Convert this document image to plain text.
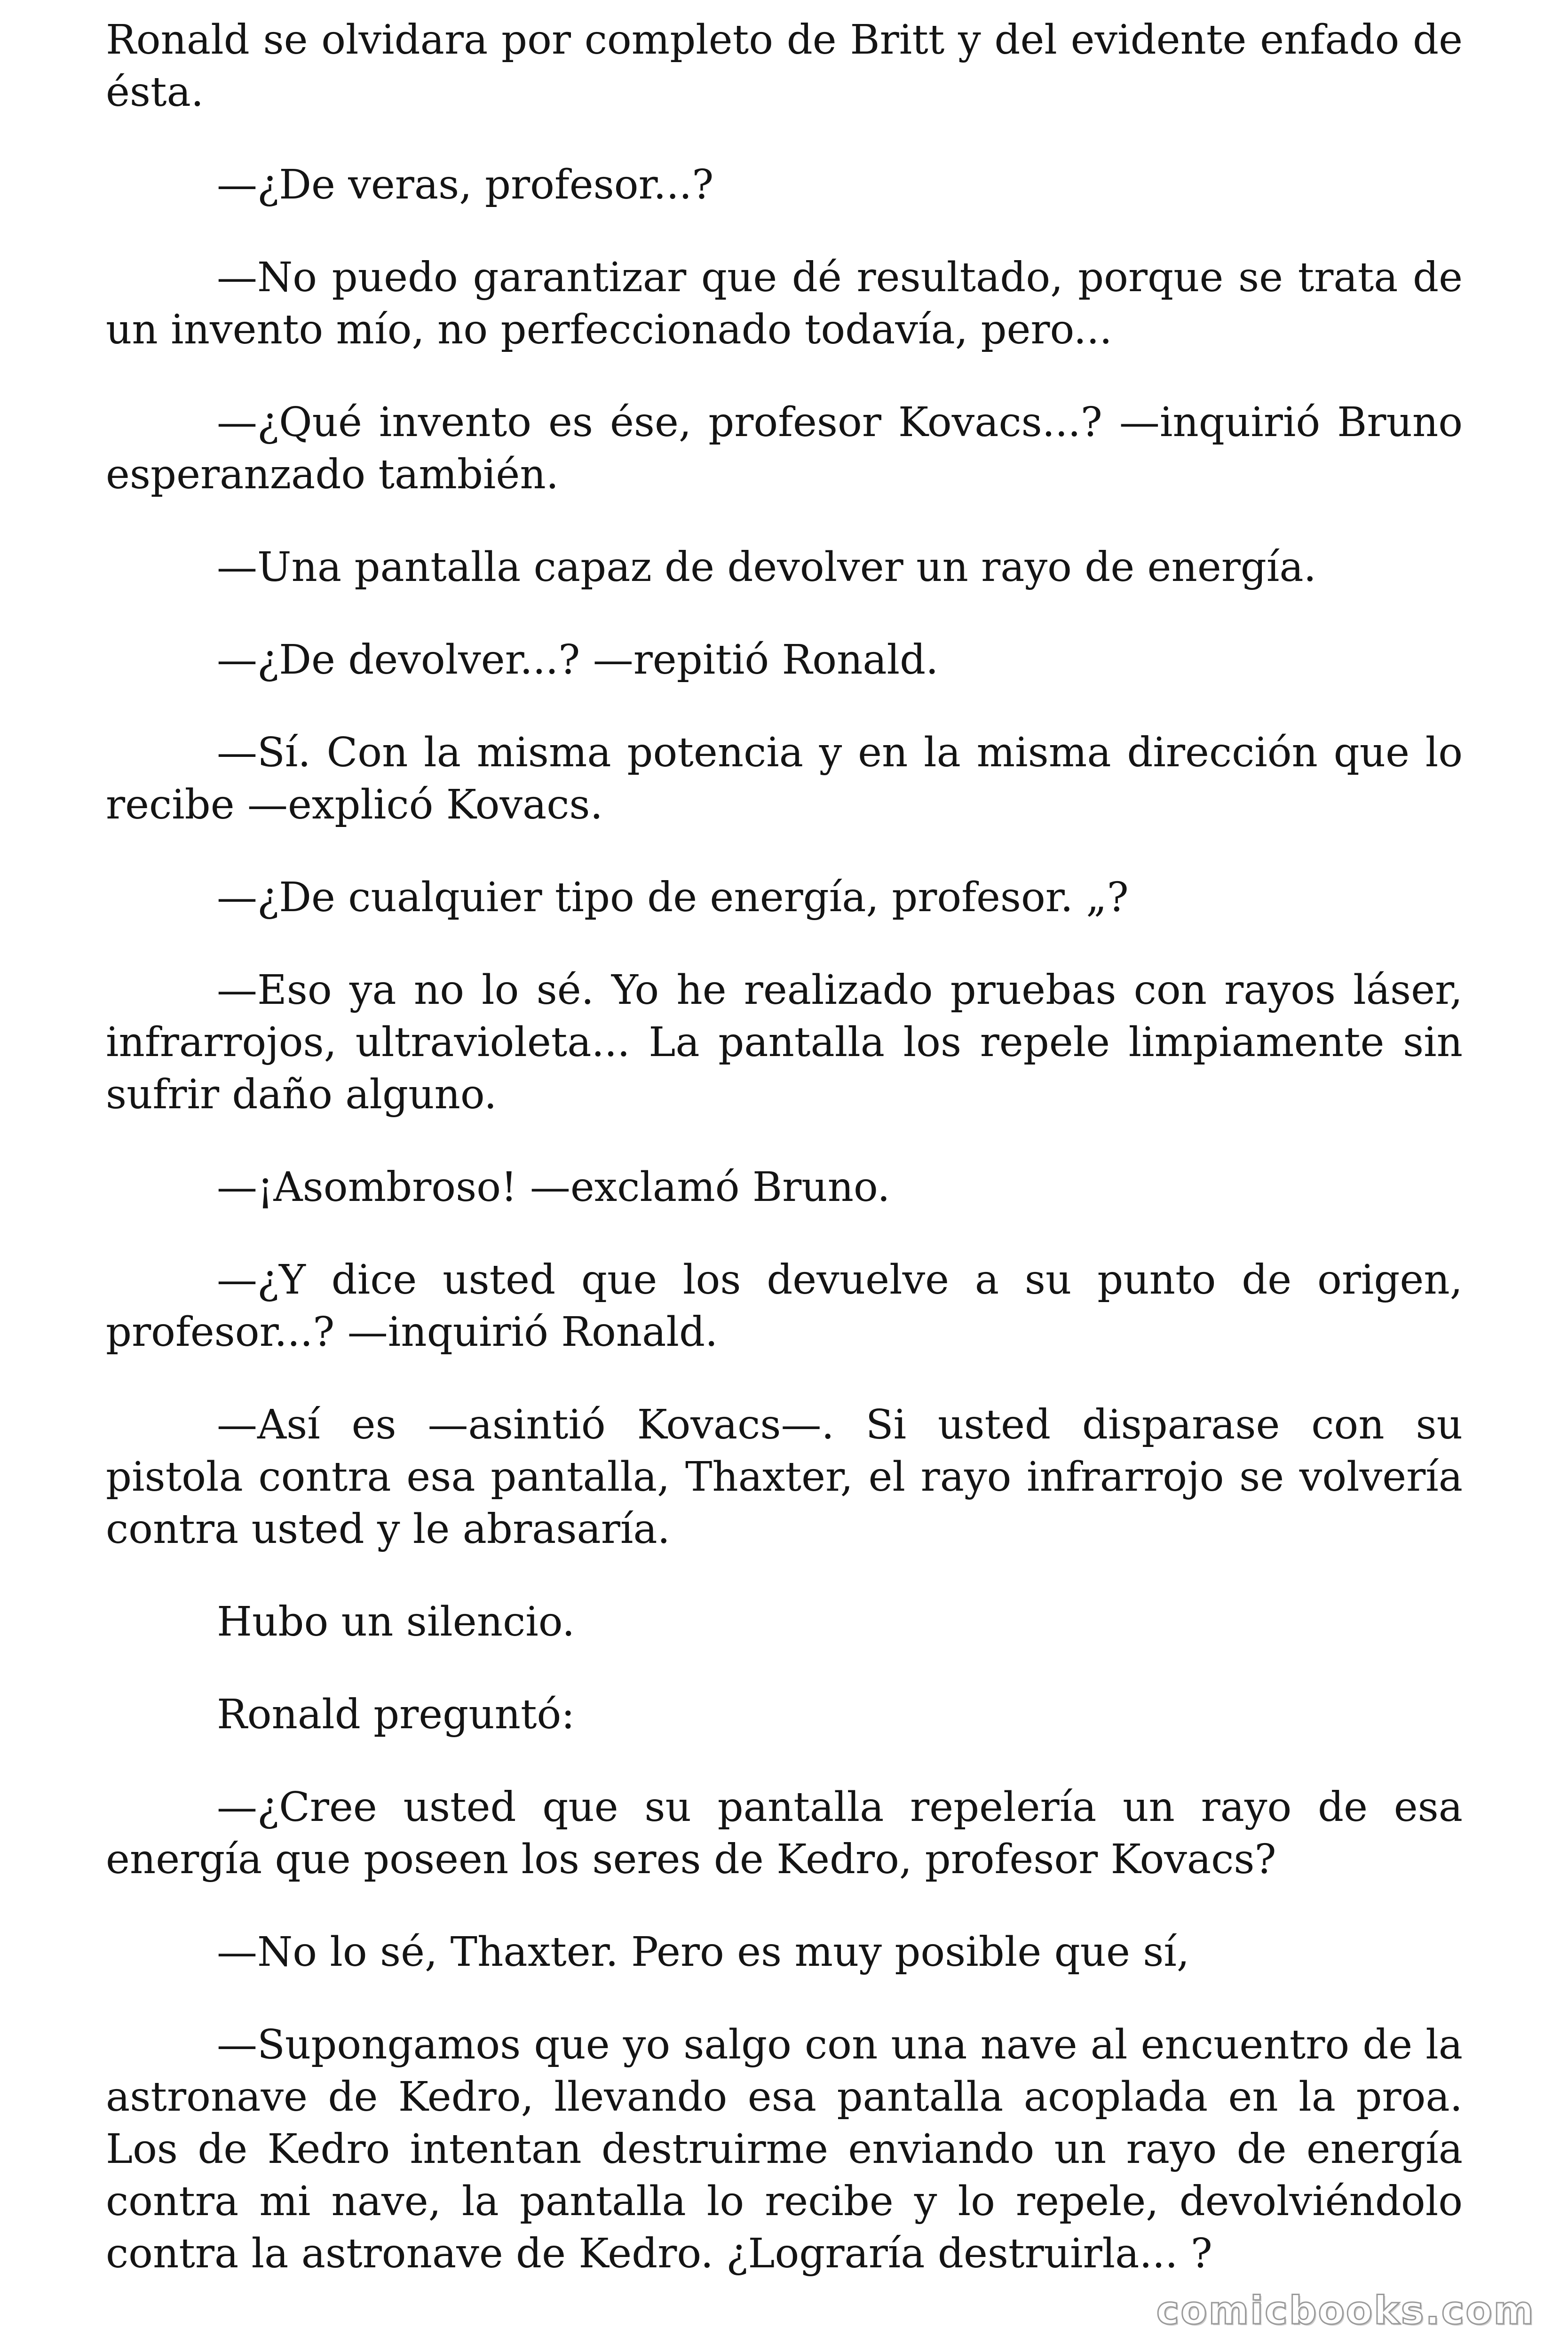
Ronald se olvidara por completo de Britt y del evidente enfado de ésta.

—¿De veras, profesor...?

—No puedo garantizar que dé resultado, porque se trata de un invento mío, no perfeccionado todavía, pero...

—¿Qué invento es ése, profesor Kovacs...? —inquirió Bruno esperanzado también.

—Una pantalla capaz de devolver un rayo de energía.

—¿De devolver...? —repitió Ronald.

—Sí. Con la misma potencia y en la misma dirección que lo recibe —explicó Kovacs.

—¿De cualquier tipo de energía, profesor. „?

—Eso ya no lo sé. Yo he realizado pruebas con rayos láser, infrarrojos, ultravioleta... La pantalla los repele limpiamente sin sufrir daño alguno.

—¡Asombroso! —exclamó Bruno.

—¿Y dice usted que los devuelve a su punto de origen, profesor...? —inquirió Ronald.

—Así es —asintió Kovacs—. Si usted disparase con su pistola contra esa pantalla, Thaxter, el rayo infrarrojo se volvería contra usted y le abrasaría.

Hubo un silencio.

Ronald preguntó:

—¿Cree usted que su pantalla repelería un rayo de esa energía que poseen los seres de Kedro, profesor Kovacs?

—No lo sé, Thaxter. Pero es muy posible que sí,

—Supongamos que yo salgo con una nave al encuentro de la astronave de Kedro, llevando esa pantalla acoplada en la proa. Los de Kedro intentan destruirme enviando un rayo de energía contra mi nave, la pantalla lo recibe y lo repele, devolviéndolo contra la astronave de Kedro. ¿Lograría destruirla... ?

comicbooks.com
